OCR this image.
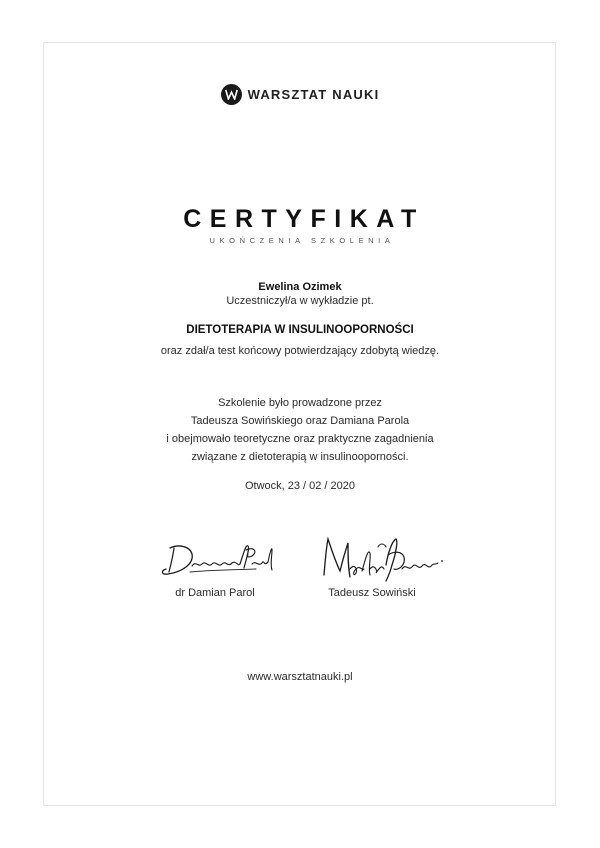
WARSZTAT NAUKI
CERTYFIKAT
UKOŃCZENIA SZKOLENIA
Ewelina Ozimek
Uczestniczył/a w wykładzie pt.
DIETOTERAPIA W INSULINOOPORNOŚCI
oraz zdał/a test końcowy potwierdzający zdobytą wiedzę.
Szkolenie było prowadzone przez
Tadeusza Sowińskiego oraz Damiana Parola
i obejmowało teoretyczne oraz praktyczne zagadnienia
związane z dietoterapią w insulinooporności.
Otwock, 23 / 02 / 2020
dr Damian Parol	Tadeusz Sowiński
www.warsztatnauki.pl
